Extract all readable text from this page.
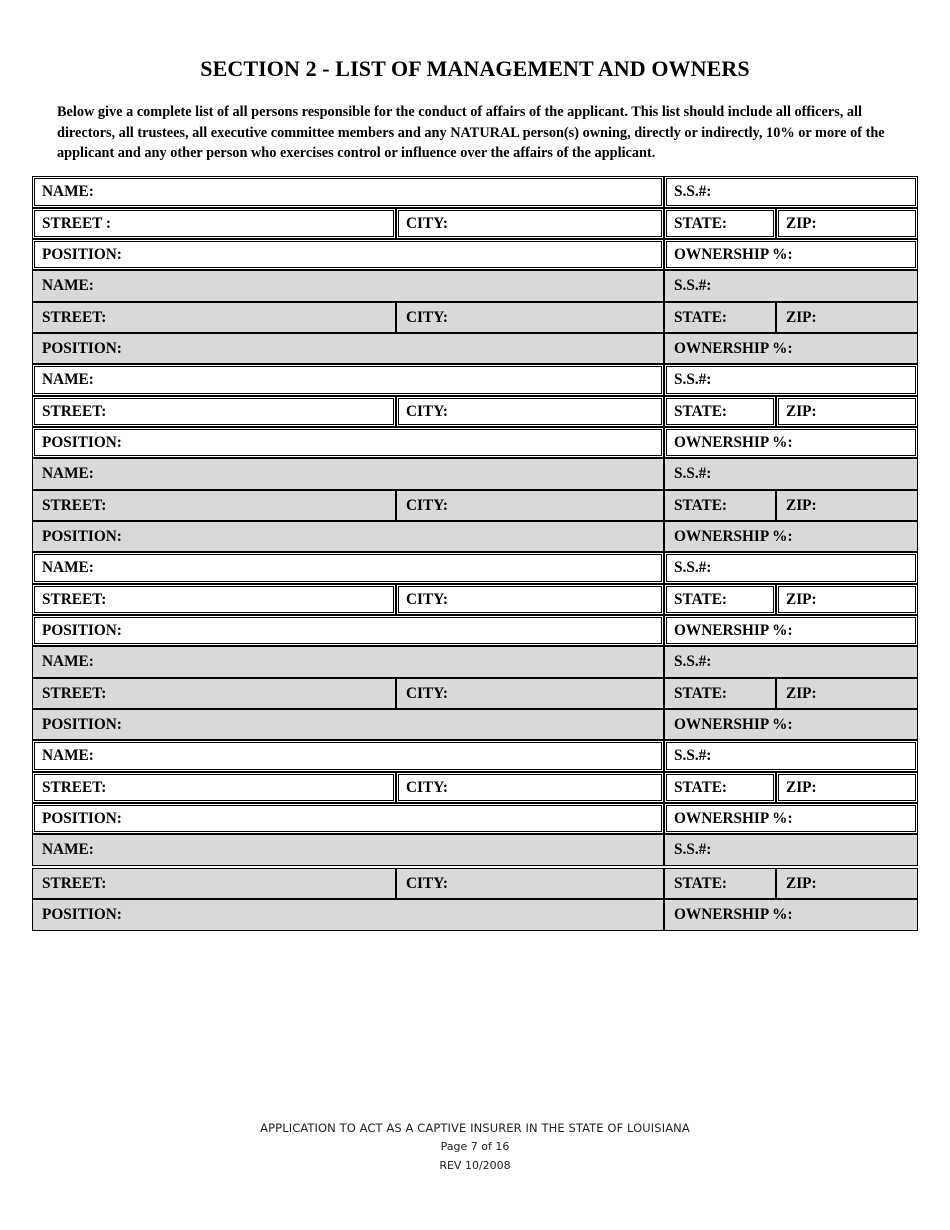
SECTION 2 - LIST OF MANAGEMENT AND OWNERS
Below give a complete list of all persons responsible for the conduct of affairs of the applicant. This list should include all officers, all directors, all trustees, all executive committee members and any NATURAL person(s) owning, directly or indirectly, 10% or more of the applicant and any other person who exercises control or influence over the affairs of the applicant.
NAME:	S.S.#:
STREET :	CITY:	STATE:	ZIP:
POSITION:	OWNERSHIP %:
NAME:	S.S.#:
STREET:	CITY:	STATE:	ZIP:
POSITION:	OWNERSHIP %:
NAME:	S.S.#:
STREET:	CITY:	STATE:	ZIP:
POSITION:	OWNERSHIP %:
NAME:	S.S.#:
STREET:	CITY:	STATE:	ZIP:
POSITION:	OWNERSHIP %:
NAME:	S.S.#:
STREET:	CITY:	STATE:	ZIP:
POSITION:	OWNERSHIP %:
NAME:	S.S.#:
STREET:	CITY:	STATE:	ZIP:
POSITION:	OWNERSHIP %:
NAME:	S.S.#:
STREET:	CITY:	STATE:	ZIP:
POSITION:	OWNERSHIP %:
NAME:	S.S.#:
STREET:	CITY:	STATE:	ZIP:
POSITION:	OWNERSHIP %:
APPLICATION TO ACT AS A CAPTIVE INSURER IN THE STATE OF LOUISIANA
Page 7 of 16
REV 10/2008
